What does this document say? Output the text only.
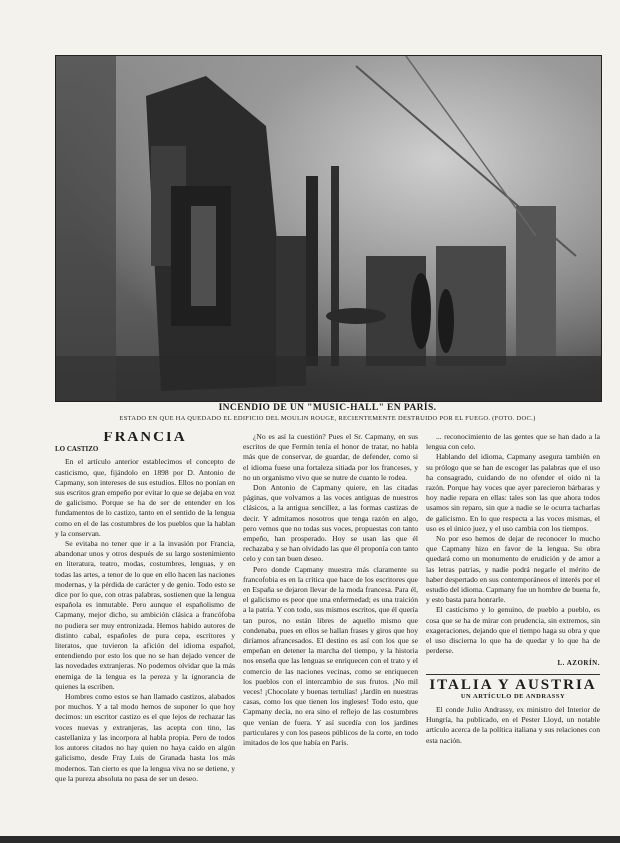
INCENDIO DE UN "MUSIC-HALL" EN PARÍS.
ESTADO EN QUE HA QUEDADO EL EDIFICIO DEL MOULIN ROUGE, RECIENTEMENTE DESTRUIDO POR EL FUEGO. (FOTO. DOC.)
FRANCIA
LO CASTIZO

En el artículo anterior establecimos el concepto de casticismo, que, fijándolo en 1898 por D. Antonio de Capmany, son intereses de sus estudios. Ellos no ponían en sus escritos gran empeño por evitar lo que se dejaba en voz de galicismo. Porque se ha de ser de entender en los fundamentos de lo castizo, tanto en el sentido de la lengua como en el de las costumbres de los pueblos que la hablan y la conservan.

Se evitaba no tener que ir a la invasión por Francia, abandonar unos y otros después de su largo sostenimiento en literatura, teatro, modas, costumbres, lenguas, y en todas las artes, a tenor de lo que en ello hacen las naciones modernas, y la pérdida de carácter y de genio. Todo esto se dice por lo que, con otras palabras, sostienen que la lengua española es inmutable. Pero aunque el españolismo de Capmany, mejor dicho, su ambición clásica a francófoba no pudiera ser muy entronizada. Hemos habido autores de distinto cabal, españoles de pura cepa, escritores y literatos, que tuvieron la afición del idioma español, entendiendo por esto los que no se han dejado vencer de las novedades extranjeras. No podemos olvidar que la más enemiga de la lengua es la pereza y la ignorancia de quienes la escriben.

Hombres como estos se han llamado castizos, alabados por muchos. Y a tal modo hemos de suponer lo que hoy decimos: un escritor castizo es el que lejos de rechazar las voces nuevas y extranjeras, las acepta con tino, las castellaniza y las incorpora al habla propia. Pero de todos los autores citados no hay quien no haya caído en algún galicismo, desde Fray Luis de Granada hasta los más modernos. Tan cierto es que la lengua viva no se detiene, y que la pureza absoluta no pasa de ser un deseo.

¿No es así la cuestión? Pues el Sr. Capmany, en sus escritos de que Fermín tenía el honor de tratar, no habla más que de conservar, de guardar, de defender, como si el idioma fuese una fortaleza sitiada por los franceses, y no un organismo vivo que se nutre de cuanto le rodea.

Don Antonio de Capmany quiere, en las citadas páginas, que volvamos a las voces antiguas de nuestros clásicos, a la antigua sencillez, a las formas castizas de decir. Y admitamos nosotros que tenga razón en algo, pero vemos que no todas sus voces, propuestas con tanto empeño, han prosperado. Hoy se usan las que él rechazaba y se han olvidado las que él proponía con tanto celo y con tan buen deseo.

Pero donde Capmany muestra más claramente su francofobia es en la crítica que hace de los escritores que en España se dejaron llevar de la moda francesa. Para él, el galicismo es peor que una enfermedad; es una traición a la patria. Y con todo, sus mismos escritos, que él quería tan puros, no están libres de aquello mismo que condenaba, pues en ellos se hallan frases y giros que hoy diríamos afrancesados. El destino es así con los que se empeñan en detener la marcha del tiempo, y la historia nos enseña que las lenguas se enriquecen con el trato y el comercio de las naciones vecinas, como se enriquecen los pueblos con el intercambio de sus frutos. ¡No mil veces! ¡Chocolate y buenas tertulias! ¡Jardín en nuestras casas, como los que tienen los ingleses! Todo esto, que Capmany decía, no era sino el reflejo de las costumbres que venían de fuera. Y así sucedía con los jardines particulares y con los paseos públicos de la corte, en todo imitados de los que había en París.

... reconocimiento de las gentes que se han dado a la lengua con celo.

Hablando del idioma, Capmany asegura también en su prólogo que se han de escoger las palabras que el uso ha consagrado, cuidando de no ofender el oído ni la razón. Porque hay voces que ayer parecieron bárbaras y hoy nadie repara en ellas: tales son las que ahora todos usamos sin reparo, sin que a nadie se le ocurra tacharlas de galicismo. En lo que respecta a las voces mismas, el uso es el único juez, y el uso cambia con los tiempos.

No por eso hemos de dejar de reconocer lo mucho que Capmany hizo en favor de la lengua. Su obra quedará como un monumento de erudición y de amor a las letras patrias, y nadie podrá negarle el mérito de haber despertado en sus contemporáneos el interés por el estudio del idioma. Capmany fue un hombre de buena fe, y esto basta para honrarle.

El casticismo y lo genuino, de pueblo a pueblo, es cosa que se ha de mirar con prudencia, sin extremos, sin exageraciones, dejando que el tiempo haga su obra y que el uso discierna lo que ha de quedar y lo que ha de perderse.

L. AZORÍN.
ITALIA Y AUSTRIA
UN ARTÍCULO DE ANDRASSY

El conde Julio Andrassy, ex ministro del Interior de Hungría, ha publicado, en el Pester Lloyd, un notable artículo acerca de la política italiana y sus relaciones con esta nación.
